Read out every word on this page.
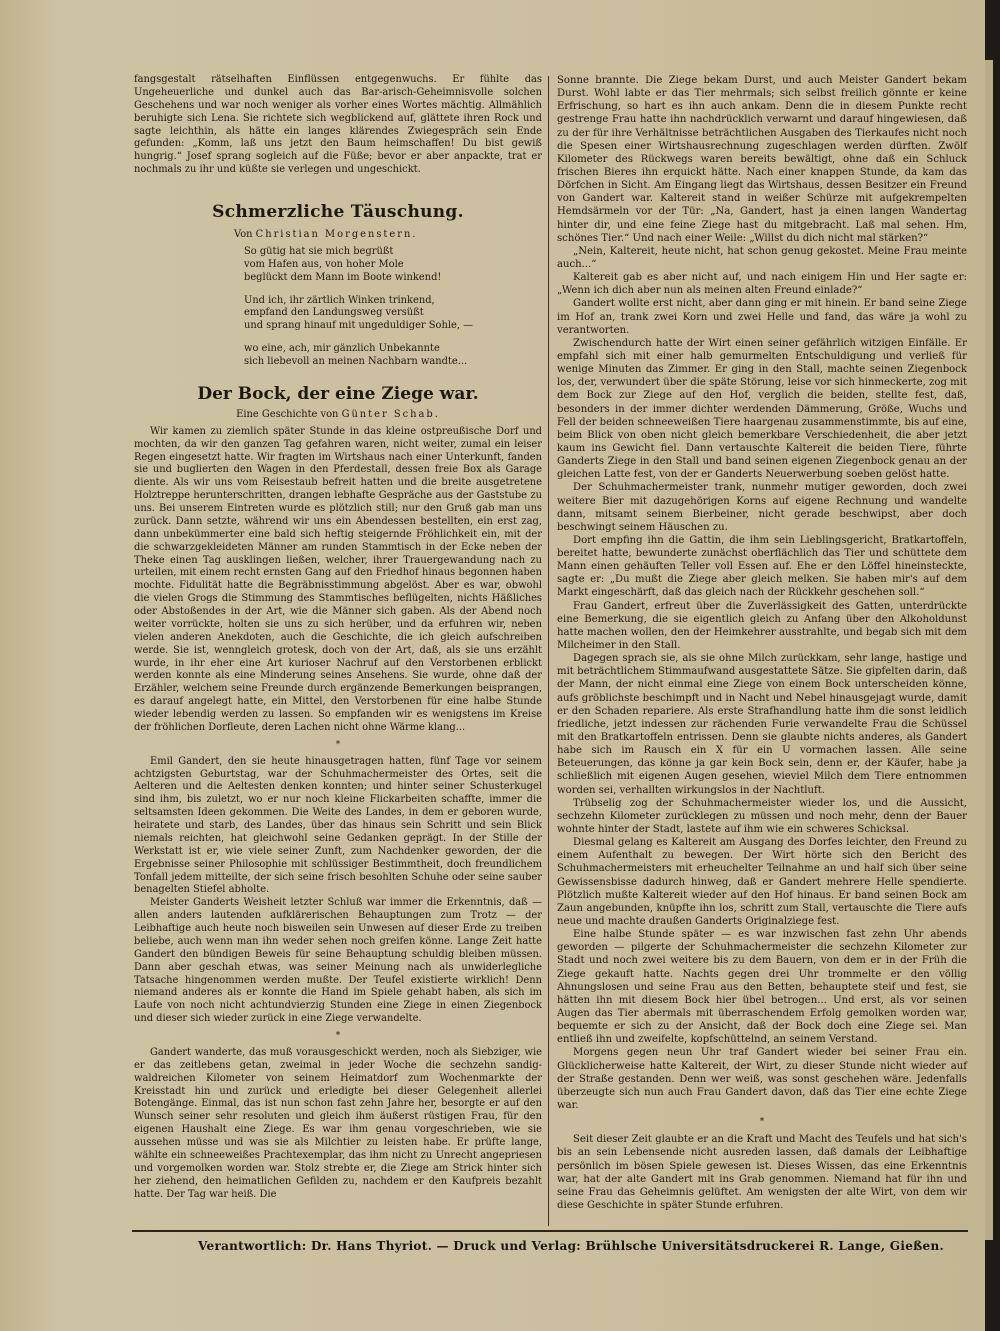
fangsgestalt rätselhaften Einflüssen entgegenwuchs. Er fühlte das Ungeheuerliche und dunkel auch das Bar-arisch-Geheimnisvolle solchen Geschehens und war noch weniger als vorher eines Wortes mächtig. Allmählich beruhigte sich Lena. Sie richtete sich wegblickend auf, glättete ihren Rock und sagte leichthin, als hätte ein langes klärendes Zwiegespräch sein Ende gefunden: „Komm, laß uns jetzt den Baum heimschaffen! Du bist gewiß hungrig.“ Josef sprang sogleich auf die Füße; bevor er aber anpackte, trat er nochmals zu ihr und küßte sie verlegen und ungeschickt.

Schmerzliche Täuschung.

Von Christian Morgenstern.

So gütig hat sie mich begrüßt
vom Hafen aus, von hoher Mole
beglückt dem Mann im Boote winkend!
Und ich, ihr zärtlich Winken trinkend,
empfand den Landungsweg versüßt
und sprang hinauf mit ungeduldiger Sohle, —
wo eine, ach, mir gänzlich Unbekannte
sich liebevoll an meinen Nachbarn wandte...
Der Bock, der eine Ziege war.

Eine Geschichte von Günter Schab.

Wir kamen zu ziemlich später Stunde in das kleine ostpreußische Dorf und mochten, da wir den ganzen Tag gefahren waren, nicht weiter, zumal ein leiser Regen eingesetzt hatte. Wir fragten im Wirtshaus nach einer Unterkunft, fanden sie und buglierten den Wagen in den Pferdestall, dessen freie Box als Garage diente. Als wir uns vom Reisestaub befreit hatten und die breite ausgetretene Holztreppe herunterschritten, drangen lebhafte Gespräche aus der Gaststube zu uns. Bei unserem Eintreten wurde es plötzlich still; nur den Gruß gab man uns zurück. Dann setzte, während wir uns ein Abendessen bestellten, ein erst zag, dann unbekümmerter eine bald sich heftig steigernde Fröhlichkeit ein, mit der die schwarzgekleideten Männer am runden Stammtisch in der Ecke neben der Theke einen Tag ausklingen ließen, welcher, ihrer Trauergewandung nach zu urteilen, mit einem recht ernsten Gang auf den Friedhof hinaus begonnen haben mochte. Fidulität hatte die Begräbnisstimmung abgelöst. Aber es war, obwohl die vielen Grogs die Stimmung des Stammtisches beflügelten, nichts Häßliches oder Abstoßendes in der Art, wie die Männer sich gaben. Als der Abend noch weiter vorrückte, holten sie uns zu sich herüber, und da erfuhren wir, neben vielen anderen Anekdoten, auch die Geschichte, die ich gleich aufschreiben werde. Sie ist, wenngleich grotesk, doch von der Art, daß, als sie uns erzählt wurde, in ihr eher eine Art kurioser Nachruf auf den Verstorbenen erblickt werden konnte als eine Minderung seines Ansehens. Sie wurde, ohne daß der Erzähler, welchem seine Freunde durch ergänzende Bemerkungen beisprangen, es darauf angelegt hatte, ein Mittel, den Verstorbenen für eine halbe Stunde wieder lebendig werden zu lassen. So empfanden wir es wenigstens im Kreise der fröhlichen Dorfleute, deren Lachen nicht ohne Wärme klang...

*

Emil Gandert, den sie heute hinausgetragen hatten, fünf Tage vor seinem achtzigsten Geburtstag, war der Schuhmachermeister des Ortes, seit die Aelteren und die Aeltesten denken konnten; und hinter seiner Schusterkugel sind ihm, bis zuletzt, wo er nur noch kleine Flickarbeiten schaffte, immer die seltsamsten Ideen gekommen. Die Weite des Landes, in dem er geboren wurde, heiratete und starb, des Landes, über das hinaus sein Schritt und sein Blick niemals reichten, hat gleichwohl seine Gedanken geprägt. In der Stille der Werkstatt ist er, wie viele seiner Zunft, zum Nachdenker geworden, der die Ergebnisse seiner Philosophie mit schlüssiger Bestimmtheit, doch freundlichem Tonfall jedem mitteilte, der sich seine frisch besohlten Schuhe oder seine sauber benagelten Stiefel abholte.

Meister Ganderts Weisheit letzter Schluß war immer die Erkenntnis, daß — allen anders lautenden aufklärerischen Behauptungen zum Trotz — der Leibhaftige auch heute noch bisweilen sein Unwesen auf dieser Erde zu treiben beliebe, auch wenn man ihn weder sehen noch greifen könne. Lange Zeit hatte Gandert den bündigen Beweis für seine Behauptung schuldig bleiben müssen. Dann aber geschah etwas, was seiner Meinung nach als unwiderlegliche Tatsache hingenommen werden mußte. Der Teufel existierte wirklich! Denn niemand anderes als er konnte die Hand im Spiele gehabt haben, als sich im Laufe von noch nicht achtundvierzig Stunden eine Ziege in einen Ziegenbock und dieser sich wieder zurück in eine Ziege verwandelte.

*

Gandert wanderte, das muß vorausgeschickt werden, noch als Siebziger, wie er das zeitlebens getan, zweimal in jeder Woche die sechzehn sandig-waldreichen Kilometer von seinem Heimatdorf zum Wochenmarkte der Kreisstadt hin und zurück und erledigte bei dieser Gelegenheit allerlei Botengänge. Einmal, das ist nun schon fast zehn Jahre her, besorgte er auf den Wunsch seiner sehr resoluten und gleich ihm äußerst rüstigen Frau, für den eigenen Haushalt eine Ziege. Es war ihm genau vorgeschrieben, wie sie aussehen müsse und was sie als Milchtier zu leisten habe. Er prüfte lange, wählte ein schneeweißes Prachtexemplar, das ihm nicht zu Unrecht angepriesen und vorgemolken worden war. Stolz strebte er, die Ziege am Strick hinter sich her ziehend, den heimatlichen Gefilden zu, nachdem er den Kaufpreis bezahlt hatte. Der Tag war heiß. Die

Sonne brannte. Die Ziege bekam Durst, und auch Meister Gandert bekam Durst. Wohl labte er das Tier mehrmals; sich selbst freilich gönnte er keine Erfrischung, so hart es ihn auch ankam. Denn die in diesem Punkte recht gestrenge Frau hatte ihn nachdrücklich verwarnt und darauf hingewiesen, daß zu der für ihre Verhältnisse beträchtlichen Ausgaben des Tierkaufes nicht noch die Spesen einer Wirtshausrechnung zugeschlagen werden dürften. Zwölf Kilometer des Rückwegs waren bereits bewältigt, ohne daß ein Schluck frischen Bieres ihn erquickt hätte. Nach einer knappen Stunde, da kam das Dörfchen in Sicht. Am Eingang liegt das Wirtshaus, dessen Besitzer ein Freund von Gandert war. Kaltereit stand in weißer Schürze mit aufgekrempelten Hemdsärmeln vor der Tür: „Na, Gandert, hast ja einen langen Wandertag hinter dir, und eine feine Ziege hast du mitgebracht. Laß mal sehen. Hm, schönes Tier.“ Und nach einer Weile: „Willst du dich nicht mal stärken?“

„Nein, Kaltereit, heute nicht, hat schon genug gekostet. Meine Frau meinte auch...“

Kaltereit gab es aber nicht auf, und nach einigem Hin und Her sagte er: „Wenn ich dich aber nun als meinen alten Freund einlade?“

Gandert wollte erst nicht, aber dann ging er mit hinein. Er band seine Ziege im Hof an, trank zwei Korn und zwei Helle und fand, das wäre ja wohl zu verantworten.

Zwischendurch hatte der Wirt einen seiner gefährlich witzigen Einfälle. Er empfahl sich mit einer halb gemurmelten Entschuldigung und verließ für wenige Minuten das Zimmer. Er ging in den Stall, machte seinen Ziegenbock los, der, verwundert über die späte Störung, leise vor sich hinmeckerte, zog mit dem Bock zur Ziege auf den Hof, verglich die beiden, stellte fest, daß, besonders in der immer dichter werdenden Dämmerung, Größe, Wuchs und Fell der beiden schneeweißen Tiere haargenau zusammenstimmte, bis auf eine, beim Blick von oben nicht gleich bemerkbare Verschiedenheit, die aber jetzt kaum ins Gewicht fiel. Dann vertauschte Kaltereit die beiden Tiere, führte Ganderts Ziege in den Stall und band seinen eigenen Ziegenbock genau an der gleichen Latte fest, von der er Ganderts Neuerwerbung soeben gelöst hatte.

Der Schuhmachermeister trank, nunmehr mutiger geworden, doch zwei weitere Bier mit dazugehörigen Korns auf eigene Rechnung und wandelte dann, mitsamt seinem Bierbeiner, nicht gerade beschwipst, aber doch beschwingt seinem Häuschen zu.

Dort empfing ihn die Gattin, die ihm sein Lieblingsgericht, Bratkartoffeln, bereitet hatte, bewunderte zunächst oberflächlich das Tier und schüttete dem Mann einen gehäuften Teller voll Essen auf. Ehe er den Löffel hineinsteckte, sagte er: „Du mußt die Ziege aber gleich melken. Sie haben mir's auf dem Markt eingeschärft, daß das gleich nach der Rückkehr geschehen soll.“

Frau Gandert, erfreut über die Zuverlässigkeit des Gatten, unterdrückte eine Bemerkung, die sie eigentlich gleich zu Anfang über den Alkoholdunst hatte machen wollen, den der Heimkehrer ausstrahlte, und begab sich mit dem Milcheimer in den Stall.

Dagegen sprach sie, als sie ohne Milch zurückkam, sehr lange, hastige und mit beträchtlichem Stimmaufwand ausgestattete Sätze. Sie gipfelten darin, daß der Mann, der nicht einmal eine Ziege von einem Bock unterscheiden könne, aufs gröblichste beschimpft und in Nacht und Nebel hinausgejagt wurde, damit er den Schaden repariere. Als erste Strafhandlung hatte ihm die sonst leidlich friedliche, jetzt indessen zur rächenden Furie verwandelte Frau die Schüssel mit den Bratkartoffeln entrissen. Denn sie glaubte nichts anderes, als Gandert habe sich im Rausch ein X für ein U vormachen lassen. Alle seine Beteuerungen, das könne ja gar kein Bock sein, denn er, der Käufer, habe ja schließlich mit eigenen Augen gesehen, wieviel Milch dem Tiere entnommen worden sei, verhallten wirkungslos in der Nachtluft.

Trübselig zog der Schuhmachermeister wieder los, und die Aussicht, sechzehn Kilometer zurücklegen zu müssen und noch mehr, denn der Bauer wohnte hinter der Stadt, lastete auf ihm wie ein schweres Schicksal.

Diesmal gelang es Kaltereit am Ausgang des Dorfes leichter, den Freund zu einem Aufenthalt zu bewegen. Der Wirt hörte sich den Bericht des Schuhmachermeisters mit erheuchelter Teilnahme an und half sich über seine Gewissensbisse dadurch hinweg, daß er Gandert mehrere Helle spendierte. Plötzlich mußte Kaltereit wieder auf den Hof hinaus. Er band seinen Bock am Zaun angebunden, knüpfte ihn los, schritt zum Stall, vertauschte die Tiere aufs neue und machte draußen Ganderts Originalziege fest.

Eine halbe Stunde später — es war inzwischen fast zehn Uhr abends geworden — pilgerte der Schuhmachermeister die sechzehn Kilometer zur Stadt und noch zwei weitere bis zu dem Bauern, von dem er in der Früh die Ziege gekauft hatte. Nachts gegen drei Uhr trommelte er den völlig Ahnungslosen und seine Frau aus den Betten, behauptete steif und fest, sie hätten ihn mit diesem Bock hier übel betrogen... Und erst, als vor seinen Augen das Tier abermals mit überraschendem Erfolg gemolken worden war, bequemte er sich zu der Ansicht, daß der Bock doch eine Ziege sei. Man entließ ihn und zweifelte, kopfschüttelnd, an seinem Verstand.

Morgens gegen neun Uhr traf Gandert wieder bei seiner Frau ein. Glücklicherweise hatte Kaltereit, der Wirt, zu dieser Stunde nicht wieder auf der Straße gestanden. Denn wer weiß, was sonst geschehen wäre. Jedenfalls überzeugte sich nun auch Frau Gandert davon, daß das Tier eine echte Ziege war.

*

Seit dieser Zeit glaubte er an die Kraft und Macht des Teufels und hat sich's bis an sein Lebensende nicht ausreden lassen, daß damals der Leibhaftige persönlich im bösen Spiele gewesen ist. Dieses Wissen, das eine Erkenntnis war, hat der alte Gandert mit ins Grab genommen. Niemand hat für ihn und seine Frau das Geheimnis gelüftet. Am wenigsten der alte Wirt, von dem wir diese Geschichte in später Stunde erfuhren.

Verantwortlich: Dr. Hans Thyriot. — Druck und Verlag: Brühlsche Universitätsdruckerei R. Lange, Gießen.
